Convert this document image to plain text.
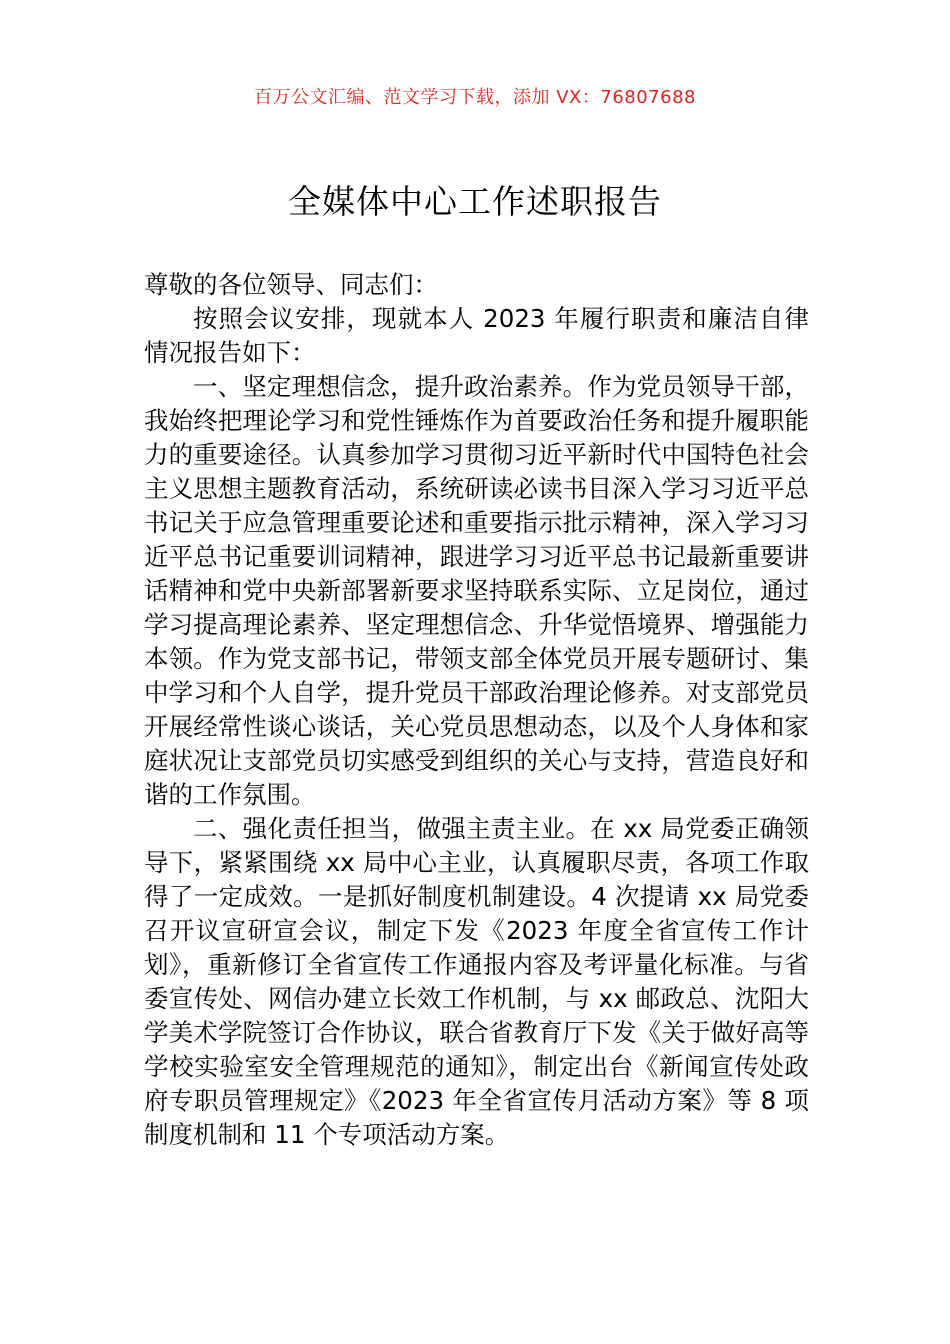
百万公文汇编、范文学习下载，添加 VX：76807688
全媒体中心工作述职报告

尊敬的各位领导、同志们：

按照会议安排，现就本人 2023 年履行职责和廉洁自律情况报告如下：

一、坚定理想信念，提升政治素养。作为党员领导干部，我始终把理论学习和党性锤炼作为首要政治任务和提升履职能力的重要途径。认真参加学习贯彻习近平新时代中国特色社会主义思想主题教育活动，系统研读必读书目深入学习习近平总书记关于应急管理重要论述和重要指示批示精神，深入学习习近平总书记重要训词精神，跟进学习习近平总书记最新重要讲话精神和党中央新部署新要求坚持联系实际、立足岗位，通过学习提高理论素养、坚定理想信念、升华觉悟境界、增强能力本领。作为党支部书记，带领支部全体党员开展专题研讨、集中学习和个人自学，提升党员干部政治理论修养。对支部党员开展经常性谈心谈话，关心党员思想动态，以及个人身体和家庭状况让支部党员切实感受到组织的关心与支持，营造良好和谐的工作氛围。

二、强化责任担当，做强主责主业。在 xx 局党委正确领导下，紧紧围绕 xx 局中心主业，认真履职尽责，各项工作取得了一定成效。一是抓好制度机制建设。4 次提请 xx 局党委召开议宣研宣会议，制定下发《2023 年度全省宣传工作计划》，重新修订全省宣传工作通报内容及考评量化标准。与省委宣传处、网信办建立长效工作机制，与 xx 邮政总、沈阳大学美术学院签订合作协议，联合省教育厅下发《关于做好高等学校实验室安全管理规范的通知》，制定出台《新闻宣传处政府专职员管理规定》《2023 年全省宣传月活动方案》等 8 项制度机制和 11 个专项活动方案。
